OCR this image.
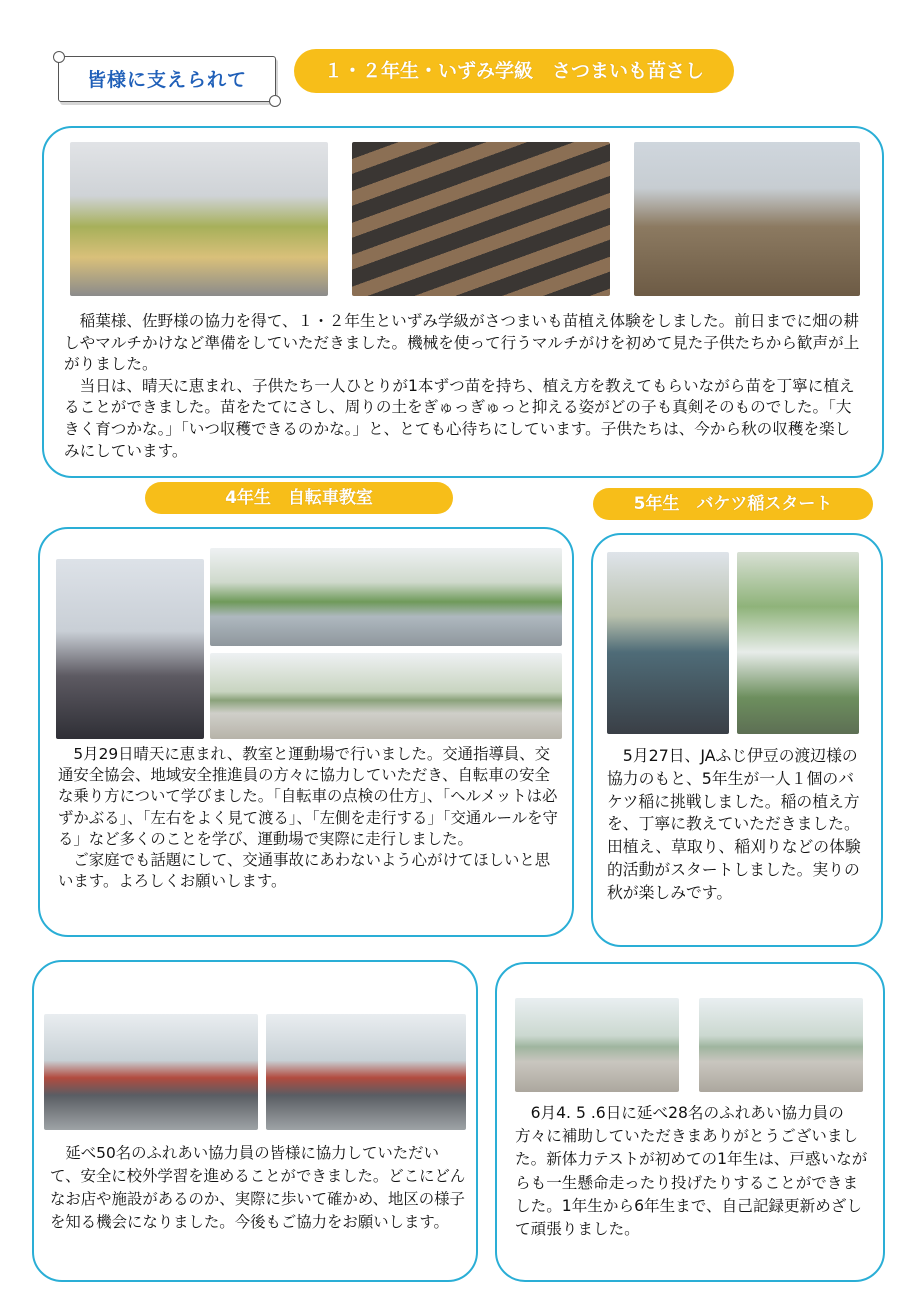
皆様に支えられて	１・２年生・いずみ学級　さつまいも苗さし

稲葉様、佐野様の協力を得て、１・２年生といずみ学級がさつまいも苗植え体験をしました。前日までに畑の耕しやマルチかけなど準備をしていただきました。機械を使って行うマルチがけを初めて見た子供たちから歓声が上がりました。

当日は、晴天に恵まれ、子供たち一人ひとりが1本ずつ苗を持ち、植え方を教えてもらいながら苗を丁寧に植えることができました。苗をたてにさし、周りの土をぎゅっぎゅっと抑える姿がどの子も真剣そのものでした。「大きく育つかな。」「いつ収穫できるのかな。」と、とても心待ちにしています。子供たちは、今から秋の収穫を楽しみにしています。

4年生　自転車教室

5月29日晴天に恵まれ、教室と運動場で行いました。交通指導員、交通安全協会、地域安全推進員の方々に協力していただき、自転車の安全な乗り方について学びました。「自転車の点検の仕方」、「ヘルメットは必ずかぶる」、「左右をよく見て渡る」、「左側を走行する」「交通ルールを守る」など多くのことを学び、運動場で実際に走行しました。

ご家庭でも話題にして、交通事故にあわないよう心がけてほしいと思います。よろしくお願いします。

5年生　バケツ稲スタート

5月27日、JAふじ伊豆の渡辺様の協力のもと、5年生が一人１個のバケツ稲に挑戦しました。稲の植え方を、丁寧に教えていただきました。田植え、草取り、稲刈りなどの体験的活動がスタートしました。実りの秋が楽しみです。

延べ50名のふれあい協力員の皆様に協力していただいて、安全に校外学習を進めることができました。どこにどんなお店や施設があるのか、実際に歩いて確かめ、地区の様子を知る機会になりました。今後もご協力をお願いします。

6月4. 5 .6日に延べ28名のふれあい協力員の方々に補助していただきまありがとうございました。新体力テストが初めての1年生は、戸惑いながらも一生懸命走ったり投げたりすることができました。1年生から6年生まで、自己記録更新めざして頑張りました。
